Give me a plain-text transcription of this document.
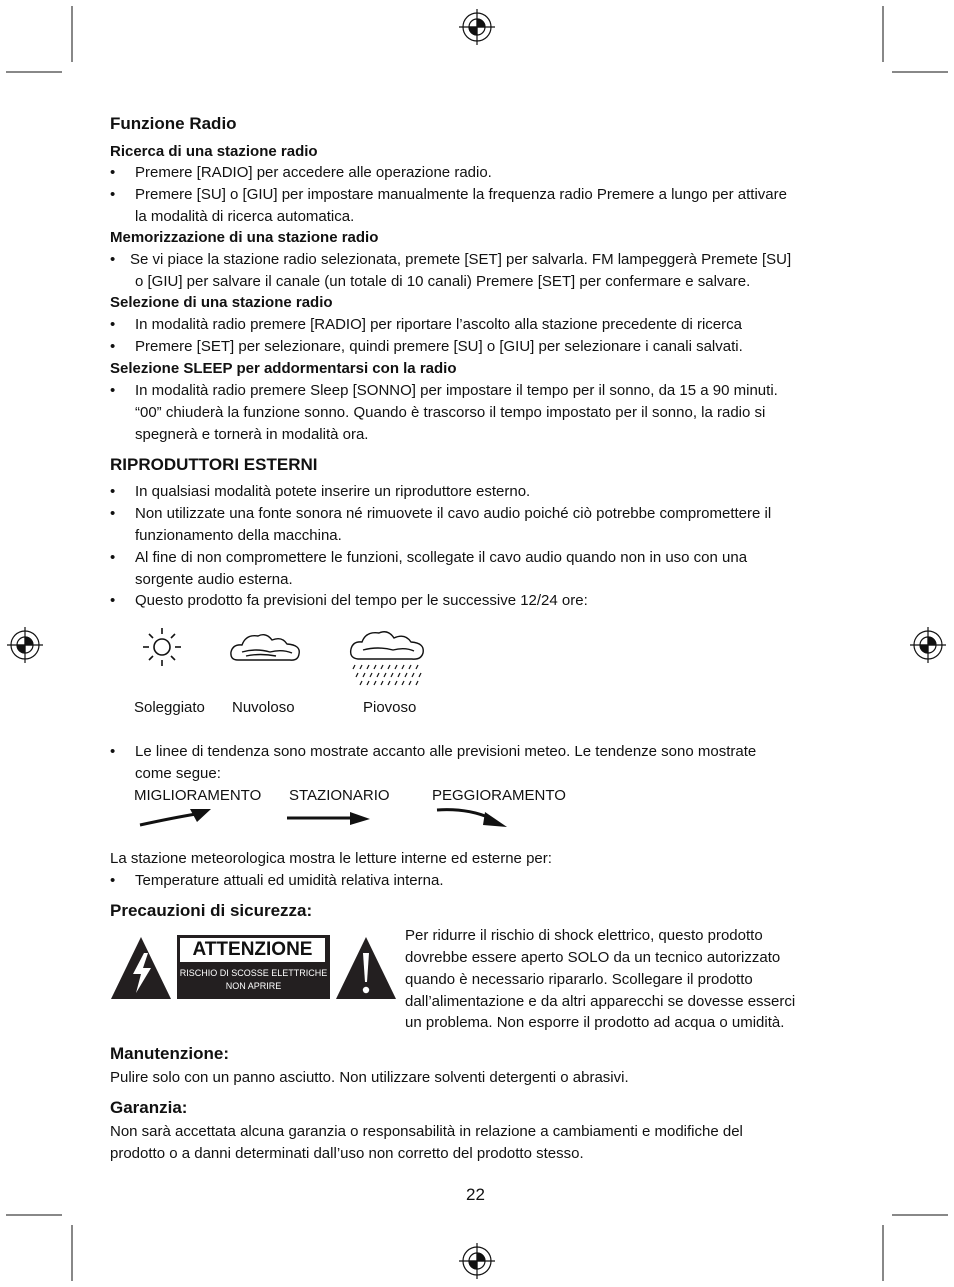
Funzione Radio
Ricerca di una stazione radio
• Premere [RADIO] per accedere alle operazione radio.
• Premere [SU] o [GIU] per impostare manualmente la frequenza radio Premere a lungo per attivare
la modalità di ricerca automatica.
Memorizzazione di una stazione radio
• Se vi piace la stazione radio selezionata, premete [SET] per salvarla. FM lampeggerà Premete [SU]
o [GIU] per salvare il canale (un totale di 10 canali) Premere [SET] per confermare e salvare.
Selezione di una stazione radio
• In modalità radio premere [RADIO] per riportare l’ascolto alla stazione precedente di ricerca
• Premere [SET] per selezionare, quindi premere [SU] o [GIU] per selezionare i canali salvati.
Selezione SLEEP per addormentarsi con la radio
• In modalità radio premere Sleep [SONNO] per impostare il tempo per il sonno, da 15 a 90 minuti.
“00” chiuderà la funzione sonno. Quando è trascorso il tempo impostato per il sonno, la radio si
spegnerà e tornerà in modalità ora.
RIPRODUTTORI ESTERNI
• In qualsiasi modalità potete inserire un riproduttore esterno.
• Non utilizzate una fonte sonora né rimuovete il cavo audio poiché ciò potrebbe compromettere il
funzionamento della macchina.
• Al fine di non compromettere le funzioni, scollegate il cavo audio quando non in uso con una
sorgente audio esterna.
• Questo prodotto fa previsioni del tempo per le successive 12/24 ore:
Soleggiato Nuvoloso	Piovoso
• Le linee di tendenza sono mostrate accanto alle previsioni meteo. Le tendenze sono mostrate
come segue:
MIGLIORAMENTO STAZIONARIO	PEGGIORAMENTO
La stazione meteorologica mostra le letture interne ed esterne per:
• Temperature attuali ed umidità relativa interna.
Precauzioni di sicurezza:
ATTENZIONE
RISCHIO DI SCOSSE ELETTRICHE
NON APRIRE
Per ridurre il rischio di shock elettrico, questo prodotto
dovrebbe essere aperto SOLO da un tecnico autorizzato
quando è necessario ripararlo. Scollegare il prodotto
dall’alimentazione e da altri apparecchi se dovesse esserci
un problema. Non esporre il prodotto ad acqua o umidità.
Manutenzione:
Pulire solo con un panno asciutto. Non utilizzare solventi detergenti o abrasivi.
Garanzia:
Non sarà accettata alcuna garanzia o responsabilità in relazione a cambiamenti e modifiche del
prodotto o a danni determinati dall’uso non corretto del prodotto stesso.
22
